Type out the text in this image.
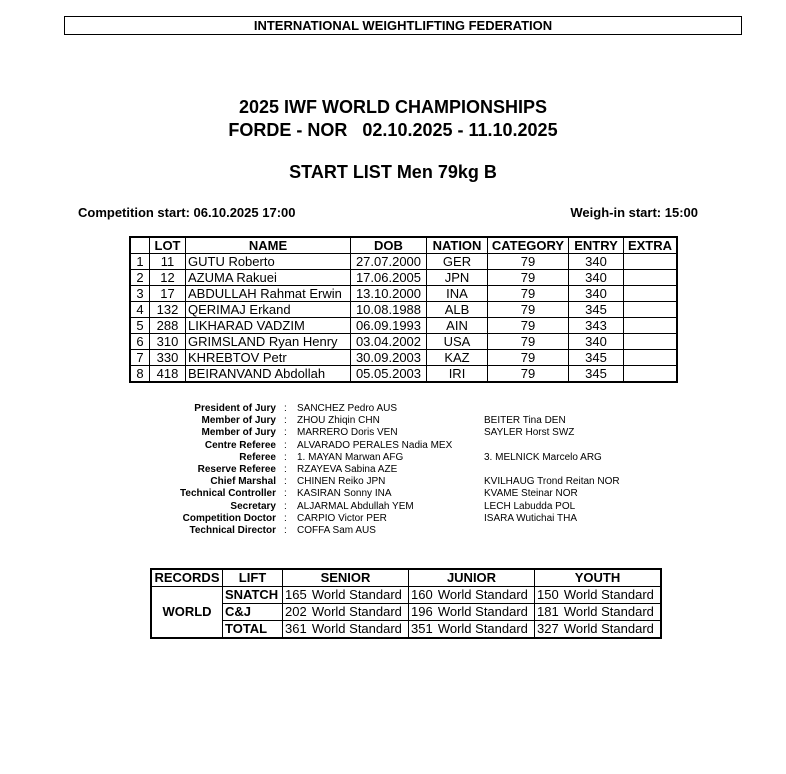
INTERNATIONAL WEIGHTLIFTING FEDERATION
2025 IWF WORLD CHAMPIONSHIPS
FORDE - NOR   02.10.2025 - 11.10.2025
START LIST Men 79kg B
Competition start: 06.10.2025 17:00	Weigh-in start: 15:00
	LOT	NAME	DOB	NATION	CATEGORY	ENTRY	EXTRA
1	11	GUTU Roberto	27.07.2000	GER	79	340	
2	12	AZUMA Rakuei	17.06.2005	JPN	79	340	
3	17	ABDULLAH Rahmat Erwin	13.10.2000	INA	79	340	
4	132	QERIMAJ Erkand	10.08.1988	ALB	79	345	
5	288	LIKHARAD VADZIM	06.09.1993	AIN	79	343	
6	310	GRIMSLAND Ryan Henry	03.04.2002	USA	79	340	
7	330	KHREBTOV Petr	30.09.2003	KAZ	79	345	
8	418	BEIRANVAND Abdollah	05.05.2003	IRI	79	345	
President of Jury : SANCHEZ Pedro AUS
Member of Jury : ZHOU Zhiqin CHN	BEITER Tina DEN
Member of Jury : MARRERO Doris VEN	SAYLER Horst SWZ
Centre Referee : ALVARADO PERALES Nadia MEX
Referee : 1. MAYAN Marwan AFG	3. MELNICK Marcelo ARG
Reserve Referee : RZAYEVA Sabina AZE
Chief Marshal : CHINEN Reiko JPN	KVILHAUG Trond Reitan NOR
Technical Controller : KASIRAN Sonny INA	KVAME Steinar NOR
Secretary : ALJARMAL Abdullah YEM	LECH Labudda POL
Competition Doctor : CARPIO Victor PER	ISARA Wutichai THA
Technical Director : COFFA Sam AUS
RECORDS	LIFT	SENIOR		JUNIOR		YOUTH	
WORLD	SNATCH	165	World Standard	160	World Standard	150	World Standard
	C&J	202	World Standard	196	World Standard	181	World Standard
	TOTAL	361	World Standard	351	World Standard	327	World Standard
